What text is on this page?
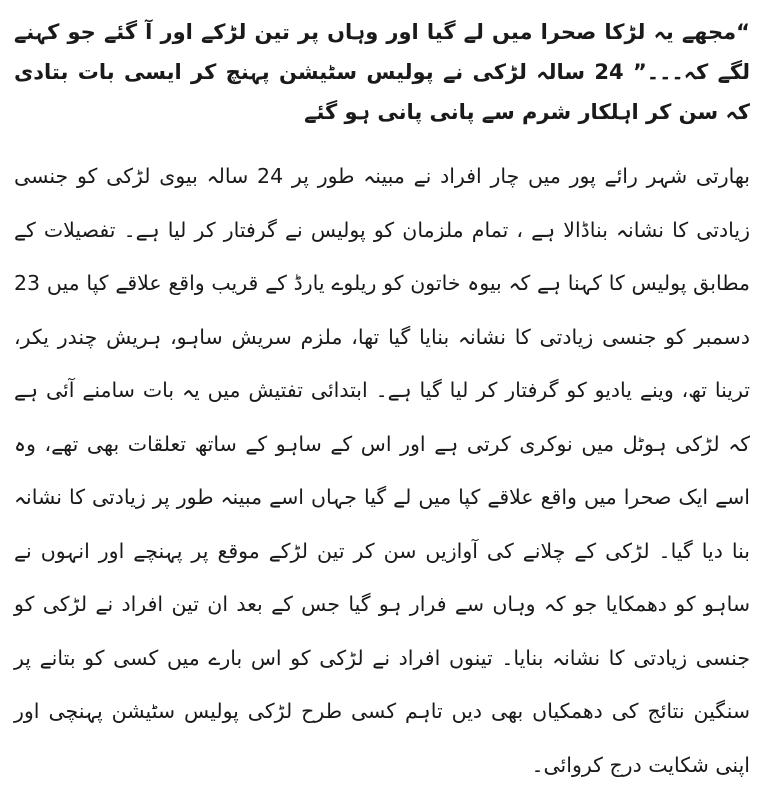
“مجھے یہ لڑکا صحرا میں لے گیا اور وہاں پر تین لڑکے اور آ گئے جو کہنے لگے کہ۔۔۔” 24 سالہ لڑکی نے پولیس سٹیشن پہنچ کر ایسی بات بتادی کہ سن کر اہلکار شرم سے پانی پانی ہو گئے

بھارتی شہر رائے پور میں چار افراد نے مبینہ طور پر 24 سالہ بیوی لڑکی کو جنسی زیادتی کا نشانہ بناڈالا ہے ، تمام ملزمان کو پولیس نے گرفتار کر لیا ہے۔ تفصیلات کے مطابق پولیس کا کہنا ہے کہ بیوہ خاتون کو ریلوے یارڈ کے قریب واقع علاقے کپا میں 23 دسمبر کو جنسی زیادتی کا نشانہ بنایا گیا تھا، ملزم سریش ساہو، ہریش چندر یکر، ترینا تھ، وینے یادیو کو گرفتار کر لیا گیا ہے۔ ابتدائی تفتیش میں یہ بات سامنے آئی ہے کہ لڑکی ہوٹل میں نوکری کرتی ہے اور اس کے ساہو کے ساتھ تعلقات بھی تھے، وہ اسے ایک صحرا میں واقع علاقے کپا میں لے گیا جہاں اسے مبینہ طور پر زیادتی کا نشانہ بنا دیا گیا۔ لڑکی کے چلانے کی آوازیں سن کر تین لڑکے موقع پر پہنچے اور انہوں نے ساہو کو دھمکایا جو کہ وہاں سے فرار ہو گیا جس کے بعد ان تین افراد نے لڑکی کو جنسی زیادتی کا نشانہ بنایا۔ تینوں افراد نے لڑکی کو اس بارے میں کسی کو بتانے پر سنگین نتائج کی دھمکیاں بھی دیں تاہم کسی طرح لڑکی پولیس سٹیشن پہنچی اور اپنی شکایت درج کروائی۔
